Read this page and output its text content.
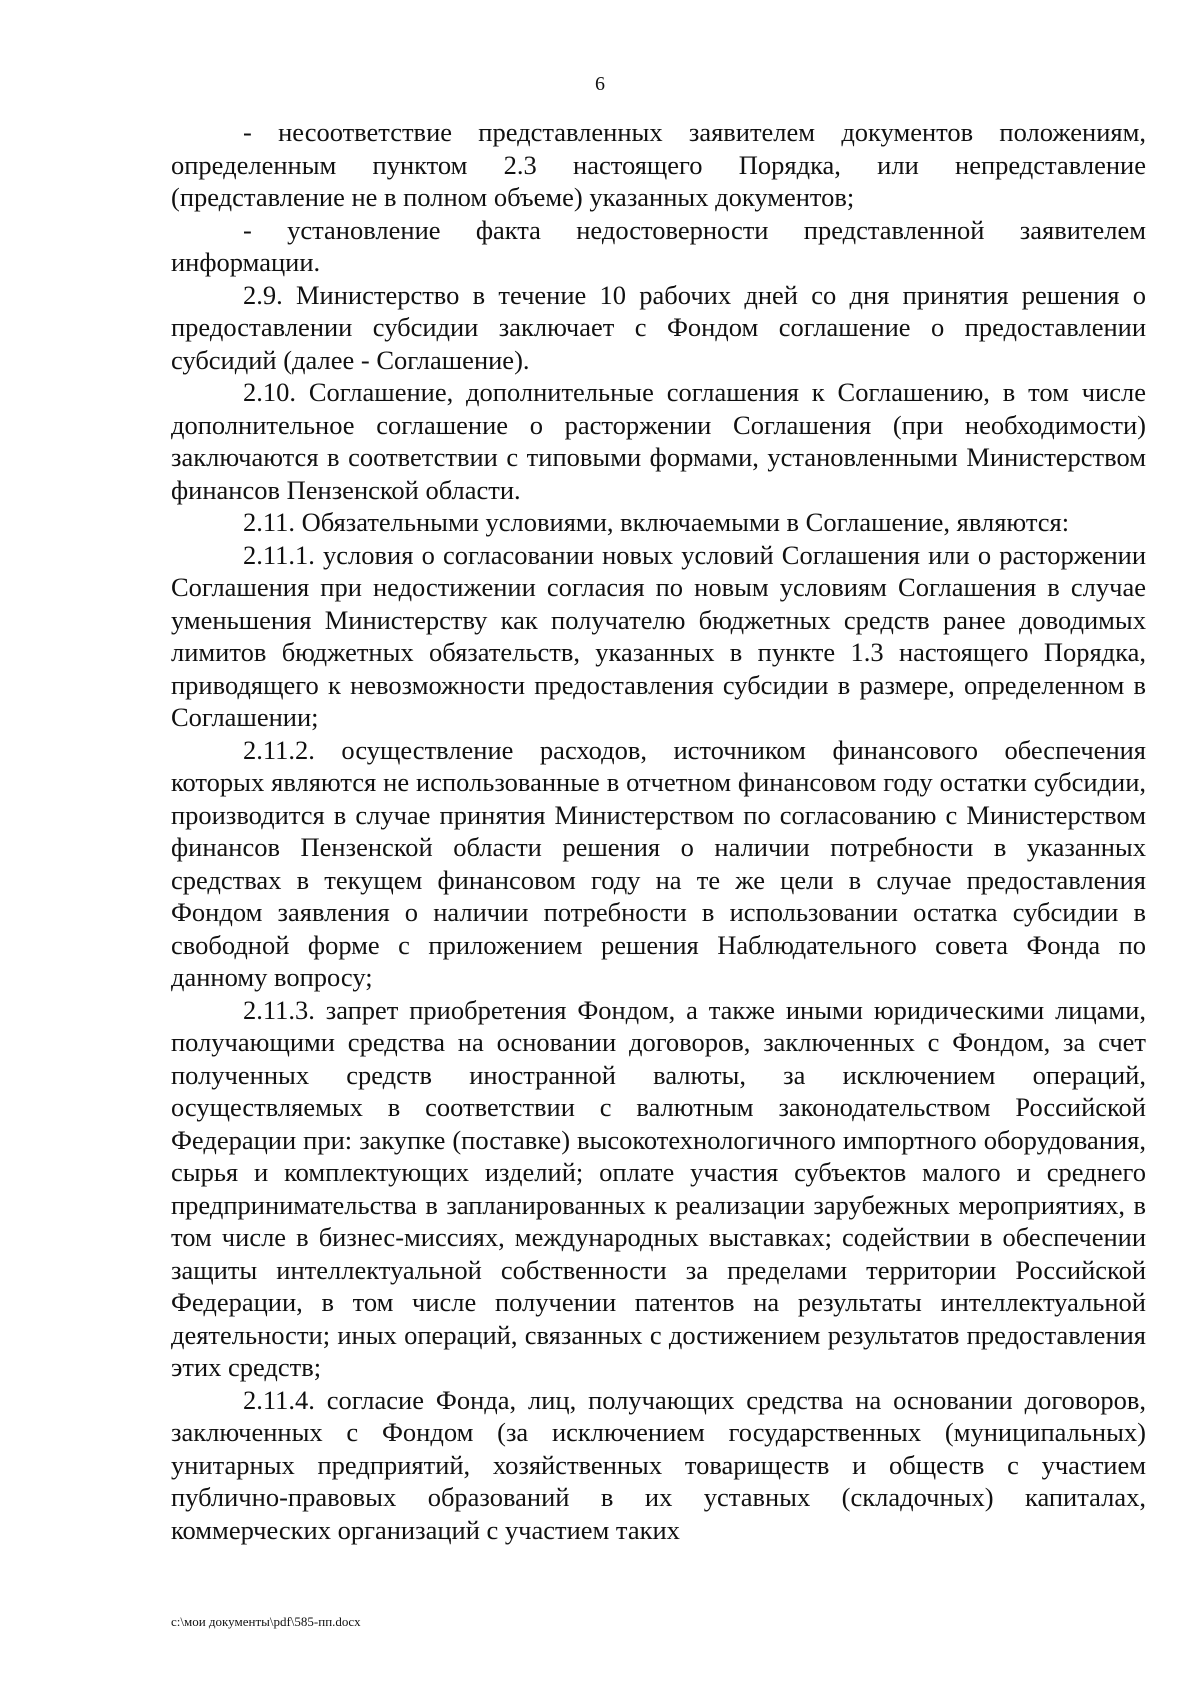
6

- несоответствие представленных заявителем документов положениям, определенным пунктом 2.3 настоящего Порядка, или непредставление (представление не в полном объеме) указанных документов;

- установление факта недостоверности представленной заявителем информации.

2.9. Министерство в течение 10 рабочих дней со дня принятия решения о предоставлении субсидии заключает с Фондом соглашение о предоставлении субсидий (далее - Соглашение).

2.10. Соглашение, дополнительные соглашения к Соглашению, в том числе дополнительное соглашение о расторжении Соглашения (при необходимости) заключаются в соответствии с типовыми формами, установленными Министерством финансов Пензенской области.

2.11. Обязательными условиями, включаемыми в Соглашение, являются:

2.11.1. условия о согласовании новых условий Соглашения или о расторжении Соглашения при недостижении согласия по новым условиям Соглашения в случае уменьшения Министерству как получателю бюджетных средств ранее доводимых лимитов бюджетных обязательств, указанных в пункте 1.3 настоящего Порядка, приводящего к невозможности предоставления субсидии в размере, определенном в Соглашении;

2.11.2. осуществление расходов, источником финансового обеспечения которых являются не использованные в отчетном финансовом году остатки субсидии, производится в случае принятия Министерством по согласованию с Министерством финансов Пензенской области решения о наличии потребности в указанных средствах в текущем финансовом году на те же цели в случае предоставления Фондом заявления о наличии потребности в использовании остатка субсидии в свободной форме с приложением решения Наблюдательного совета Фонда по данному вопросу;

2.11.3. запрет приобретения Фондом, а также иными юридическими лицами, получающими средства на основании договоров, заключенных с Фондом, за счет полученных средств иностранной валюты, за исключением операций, осуществляемых в соответствии с валютным законодательством Российской Федерации при: закупке (поставке) высокотехнологичного импортного оборудования, сырья и комплектующих изделий; оплате участия субъектов малого и среднего предпринимательства в запланированных к реализации зарубежных мероприятиях, в том числе в бизнес-миссиях, международных выставках; содействии в обеспечении защиты интеллектуальной собственности за пределами территории Российской Федерации, в том числе получении патентов на результаты интеллектуальной деятельности; иных операций, связанных с достижением результатов предоставления этих средств;

2.11.4. согласие Фонда, лиц, получающих средства на основании договоров, заключенных с Фондом (за исключением государственных (муниципальных) унитарных предприятий, хозяйственных товариществ и обществ с участием публично-правовых образований в их уставных (складочных) капиталах, коммерческих организаций с участием таких

c:\мои документы\pdf\585-пп.docx
